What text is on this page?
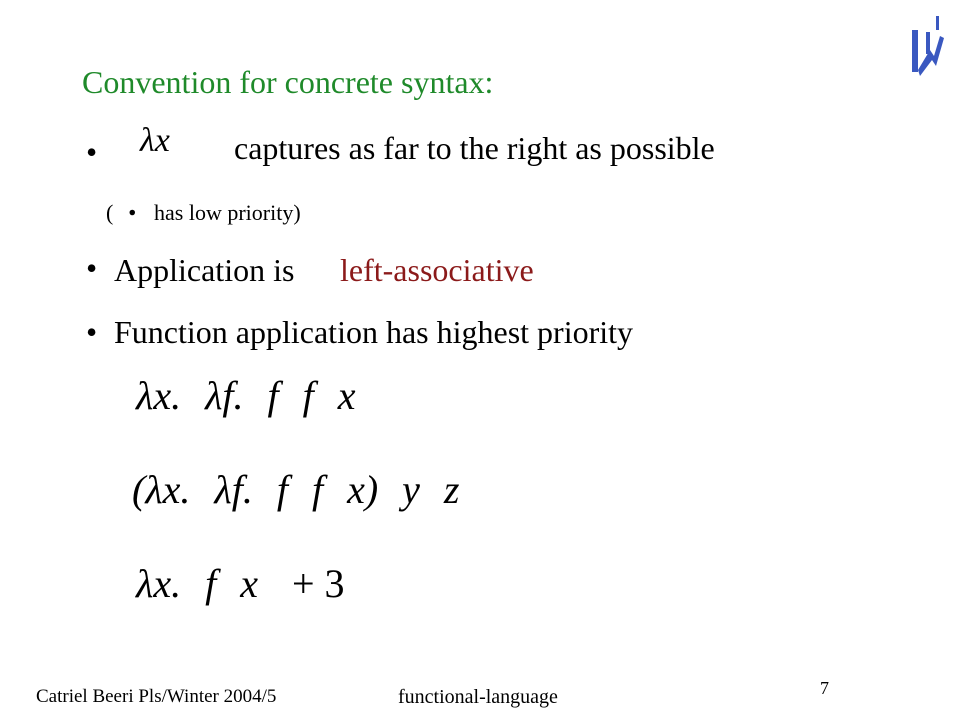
Convention for concrete syntax:
• λx captures as far to the right as possible
( . has low priority)
• Application is left-associative
• Function application has highest priority
λx. λf. f f x
(λx. λf. f f x) y z
λx. f x + 3
Catriel Beeri Pls/Winter 2004/5	functional-language	7
